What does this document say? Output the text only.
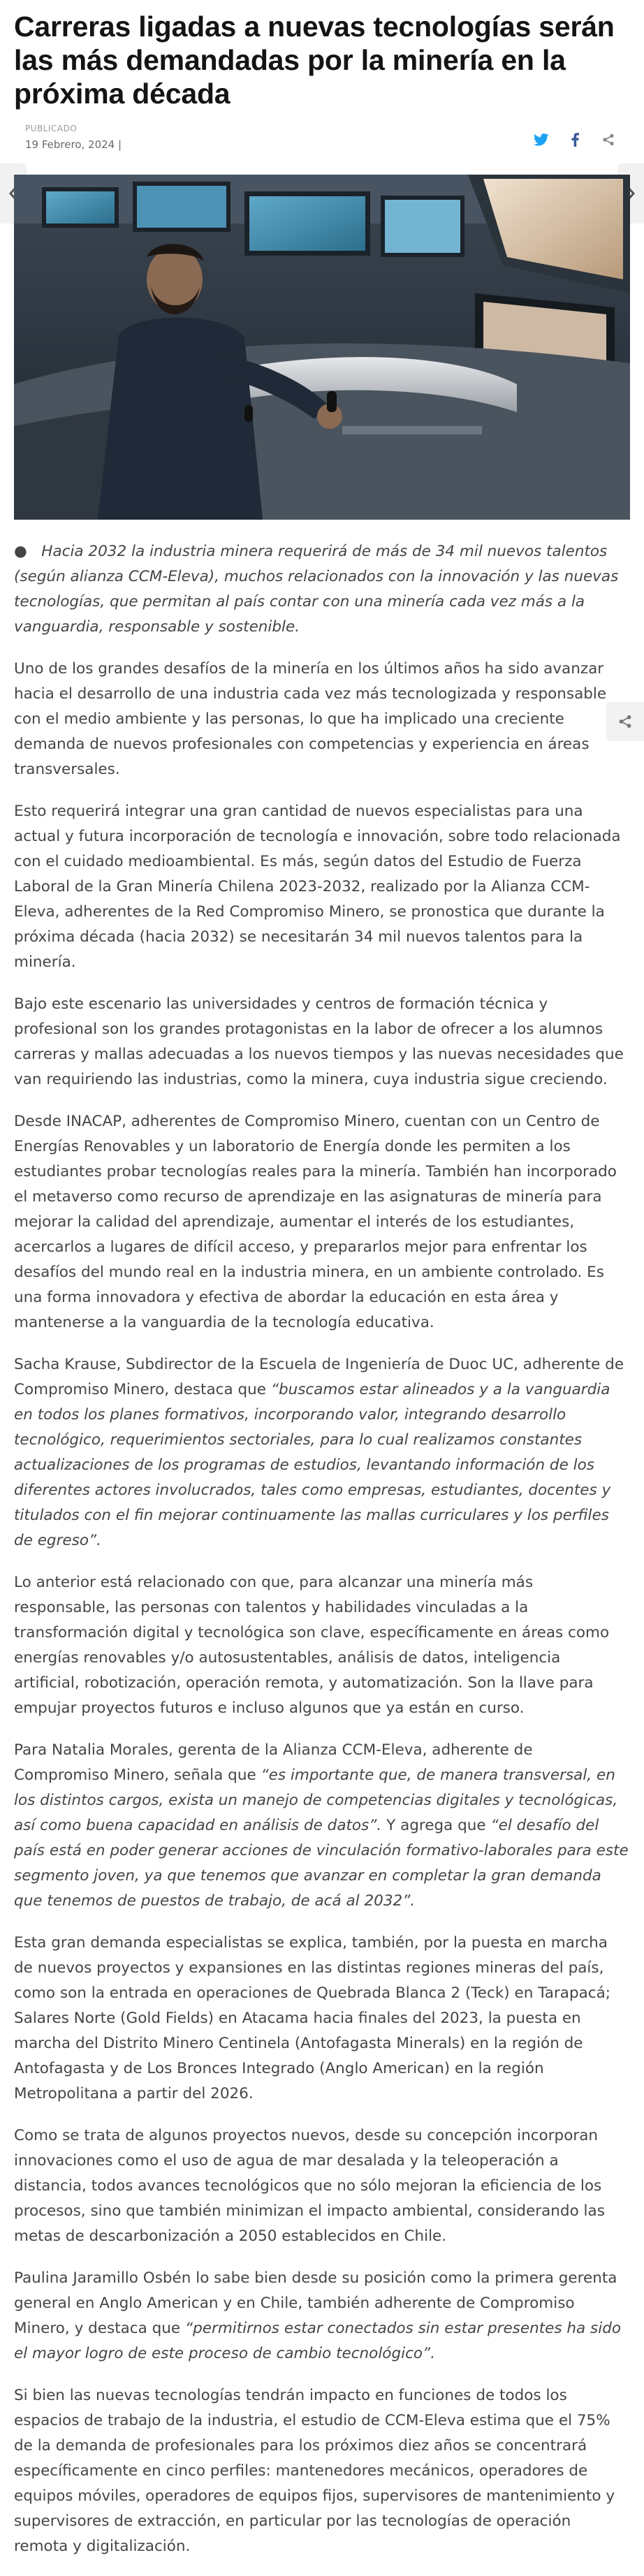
Carreras ligadas a nuevas tecnologías serán las más demandadas por la minería en la próxima década
PUBLICADO
19 Febrero, 2024 |

● Hacia 2032 la industria minera requerirá de más de 34 mil nuevos talentos (según alianza CCM-Eleva), muchos relacionados con la innovación y las nuevas tecnologías, que permitan al país contar con una minería cada vez más a la vanguardia, responsable y sostenible.

Uno de los grandes desafíos de la minería en los últimos años ha sido avanzar hacia el desarrollo de una industria cada vez más tecnologizada y responsable con el medio ambiente y las personas, lo que ha implicado una creciente demanda de nuevos profesionales con competencias y experiencia en áreas transversales.

Esto requerirá integrar una gran cantidad de nuevos especialistas para una actual y futura incorporación de tecnología e innovación, sobre todo relacionada con el cuidado medioambiental. Es más, según datos del Estudio de Fuerza Laboral de la Gran Minería Chilena 2023-2032, realizado por la Alianza CCM-Eleva, adherentes de la Red Compromiso Minero, se pronostica que durante la próxima década (hacia 2032) se necesitarán 34 mil nuevos talentos para la minería.

Bajo este escenario las universidades y centros de formación técnica y profesional son los grandes protagonistas en la labor de ofrecer a los alumnos carreras y mallas adecuadas a los nuevos tiempos y las nuevas necesidades que van requiriendo las industrias, como la minera, cuya industria sigue creciendo.

Desde INACAP, adherentes de Compromiso Minero, cuentan con un Centro de Energías Renovables y un laboratorio de Energía donde les permiten a los estudiantes probar tecnologías reales para la minería. También han incorporado el metaverso como recurso de aprendizaje en las asignaturas de minería para mejorar la calidad del aprendizaje, aumentar el interés de los estudiantes, acercarlos a lugares de difícil acceso, y prepararlos mejor para enfrentar los desafíos del mundo real en la industria minera, en un ambiente controlado. Es una forma innovadora y efectiva de abordar la educación en esta área y mantenerse a la vanguardia de la tecnología educativa.

Sacha Krause, Subdirector de la Escuela de Ingeniería de Duoc UC, adherente de Compromiso Minero, destaca que “buscamos estar alineados y a la vanguardia en todos los planes formativos, incorporando valor, integrando desarrollo tecnológico, requerimientos sectoriales, para lo cual realizamos constantes actualizaciones de los programas de estudios, levantando información de los diferentes actores involucrados, tales como empresas, estudiantes, docentes y titulados con el fin mejorar continuamente las mallas curriculares y los perfiles de egreso”.

Lo anterior está relacionado con que, para alcanzar una minería más responsable, las personas con talentos y habilidades vinculadas a la transformación digital y tecnológica son clave, específicamente en áreas como energías renovables y/o autosustentables, análisis de datos, inteligencia artificial, robotización, operación remota, y automatización. Son la llave para empujar proyectos futuros e incluso algunos que ya están en curso.

Para Natalia Morales, gerenta de la Alianza CCM-Eleva, adherente de Compromiso Minero, señala que “es importante que, de manera transversal, en los distintos cargos, exista un manejo de competencias digitales y tecnológicas, así como buena capacidad en análisis de datos”. Y agrega que “el desafío del país está en poder generar acciones de vinculación formativo-laborales para este segmento joven, ya que tenemos que avanzar en completar la gran demanda que tenemos de puestos de trabajo, de acá al 2032”.

Esta gran demanda especialistas se explica, también, por la puesta en marcha de nuevos proyectos y expansiones en las distintas regiones mineras del país, como son la entrada en operaciones de Quebrada Blanca 2 (Teck) en Tarapacá; Salares Norte (Gold Fields) en Atacama hacia finales del 2023, la puesta en marcha del Distrito Minero Centinela (Antofagasta Minerals) en la región de Antofagasta y de Los Bronces Integrado (Anglo American) en la región Metropolitana a partir del 2026.

Como se trata de algunos proyectos nuevos, desde su concepción incorporan innovaciones como el uso de agua de mar desalada y la teleoperación a distancia, todos avances tecnológicos que no sólo mejoran la eficiencia de los procesos, sino que también minimizan el impacto ambiental, considerando las metas de descarbonización a 2050 establecidos en Chile.

Paulina Jaramillo Osbén lo sabe bien desde su posición como la primera gerenta general en Anglo American y en Chile, también adherente de Compromiso Minero, y destaca que “permitirnos estar conectados sin estar presentes ha sido el mayor logro de este proceso de cambio tecnológico”.

Si bien las nuevas tecnologías tendrán impacto en funciones de todos los espacios de trabajo de la industria, el estudio de CCM-Eleva estima que el 75% de la demanda de profesionales para los próximos diez años se concentrará específicamente en cinco perfiles: mantenedores mecánicos, operadores de equipos móviles, operadores de equipos fijos, supervisores de mantenimiento y supervisores de extracción, en particular por las tecnologías de operación remota y digitalización.
